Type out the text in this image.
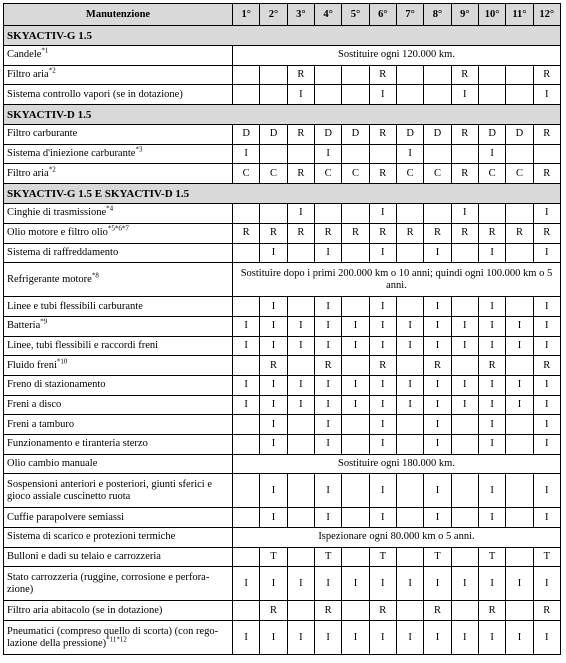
Manutenzione	1°	2°	3°	4°	5°	6°	7°	8°	9°	10°	11°	12°
SKYACTIV-G 1.5												
Candele$^{*1}$	Sostituire ogni 120.000 km.											
Filtro aria$^{*2}$			R			R			R			R
Sistema controllo vapori (se in dotazione)			I			I			I			I
SKYACTIV-D 1.5												
Filtro carburante	D	D	R	D	D	R	D	D	R	D	D	R
Sistema d'iniezione carburante$^{*3}$	I			I			I			I		
Filtro aria$^{*2}$	C	C	R	C	C	R	C	C	R	C	C	R
SKYACTIV-G 1.5 E SKYACTIV-D 1.5												
Cinghie di trasmissione$^{*4}$			I			I			I			I
Olio motore e filtro olio$^{*5*6*7}$	R	R	R	R	R	R	R	R	R	R	R	R
Sistema di raffreddamento		I		I		I		I		I		I
Refrigerante motore$^{*8}$	Sostituire dopo i primi 200.000 km o 10 anni; quindi ogni 100.000 km o 5 anni.											
Linee e tubi flessibili carburante		I		I		I		I		I		I
Batteria$^{*9}$	I	I	I	I	I	I	I	I	I	I	I	I
Linee, tubi flessibili e raccordi freni	I	I	I	I	I	I	I	I	I	I	I	I
Fluido freni$^{*10}$		R		R		R		R		R		R
Freno di stazionamento	I	I	I	I	I	I	I	I	I	I	I	I
Freni a disco	I	I	I	I	I	I	I	I	I	I	I	I
Freni a tamburo		I		I		I		I		I		I
Funzionamento e tiranteria sterzo		I		I		I		I		I		I
Olio cambio manuale	Sostituire ogni 180.000 km.											
Sospensioni anteriori e posteriori, giunti sferici e gioco assiale cuscinetto ruota		I		I		I		I		I		I
Cuffie parapolvere semiassi		I		I		I		I		I		I
Sistema di scarico e protezioni termiche	Ispezionare ogni 80.000 km o 5 anni.											
Bulloni e dadi su telaio e carrozzeria		T		T		T		T		T		T
Stato carrozzeria (ruggine, corrosione e perfora-zione)	I	I	I	I	I	I	I	I	I	I	I	I
Filtro aria abitacolo (se in dotazione)		R		R		R		R		R		R
Pneumatici (compreso quello di scorta) (con rego-lazione della pressione)$^{*11*12}$	I	I	I	I	I	I	I	I	I	I	I	I
